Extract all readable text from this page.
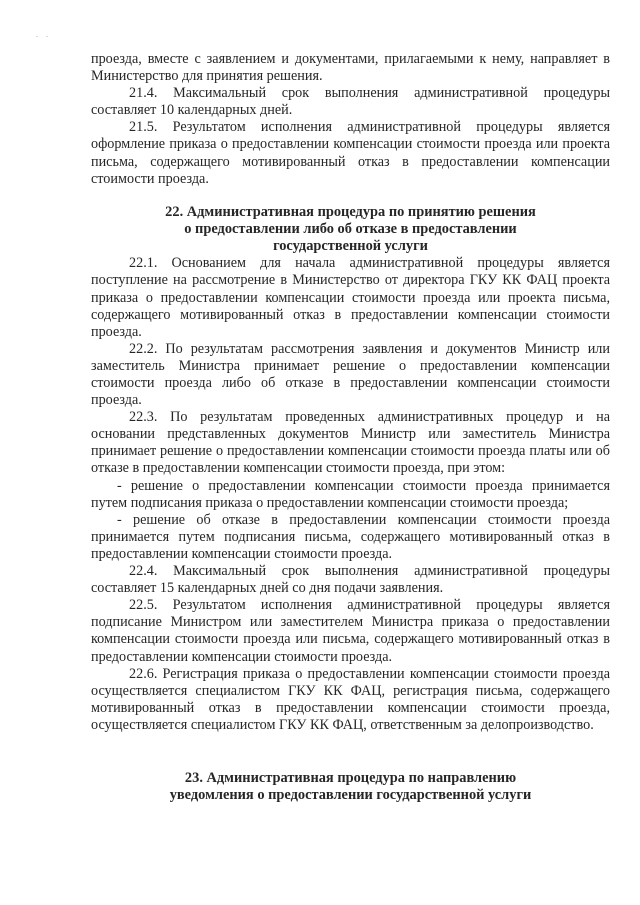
. .

проезда, вместе с заявлением и документами, прилагаемыми к нему, направляет в Министерство для принятия решения.

21.4. Максимальный срок выполнения административной процедуры составляет 10 календарных дней.

21.5. Результатом исполнения административной процедуры является оформление приказа о предоставлении компенсации стоимости проезда или проекта письма, содержащего мотивированный отказ в предоставлении компенсации стоимости проезда.

22. Административная процедура по принятию решения
о предоставлении либо об отказе в предоставлении
государственной услуги

22.1. Основанием для начала административной процедуры является поступление на рассмотрение в Министерство от директора ГКУ КК ФАЦ проекта приказа о предоставлении компенсации стоимости проезда или проекта письма, содержащего мотивированный отказ в предоставлении компенсации стоимости проезда.

22.2. По результатам рассмотрения заявления и документов Министр или заместитель Министра принимает решение о предоставлении компенсации стоимости проезда либо об отказе в предоставлении компенсации стоимости проезда.

22.3. По результатам проведенных административных процедур и на основании представленных документов Министр или заместитель Министра принимает решение о предоставлении компенсации стоимости проезда платы или об отказе в предоставлении компенсации стоимости проезда, при этом:

- решение о предоставлении компенсации стоимости проезда принимается путем подписания приказа о предоставлении компенсации стоимости проезда;

- решение об отказе в предоставлении компенсации стоимости проезда принимается путем подписания письма, содержащего мотивированный отказ в предоставлении компенсации стоимости проезда.

22.4. Максимальный срок выполнения административной процедуры составляет 15 календарных дней со дня подачи заявления.

22.5. Результатом исполнения административной процедуры является подписание Министром или заместителем Министра приказа о предоставлении компенсации стоимости проезда или письма, содержащего мотивированный отказ в предоставлении компенсации стоимости проезда.

22.6. Регистрация приказа о предоставлении компенсации стоимости проезда осуществляется специалистом ГКУ КК ФАЦ, регистрация письма, содержащего мотивированный отказ в предоставлении компенсации стоимости проезда, осуществляется специалистом ГКУ КК ФАЦ, ответственным за делопроизводство.

23. Административная процедура по направлению
уведомления о предоставлении государственной услуги
